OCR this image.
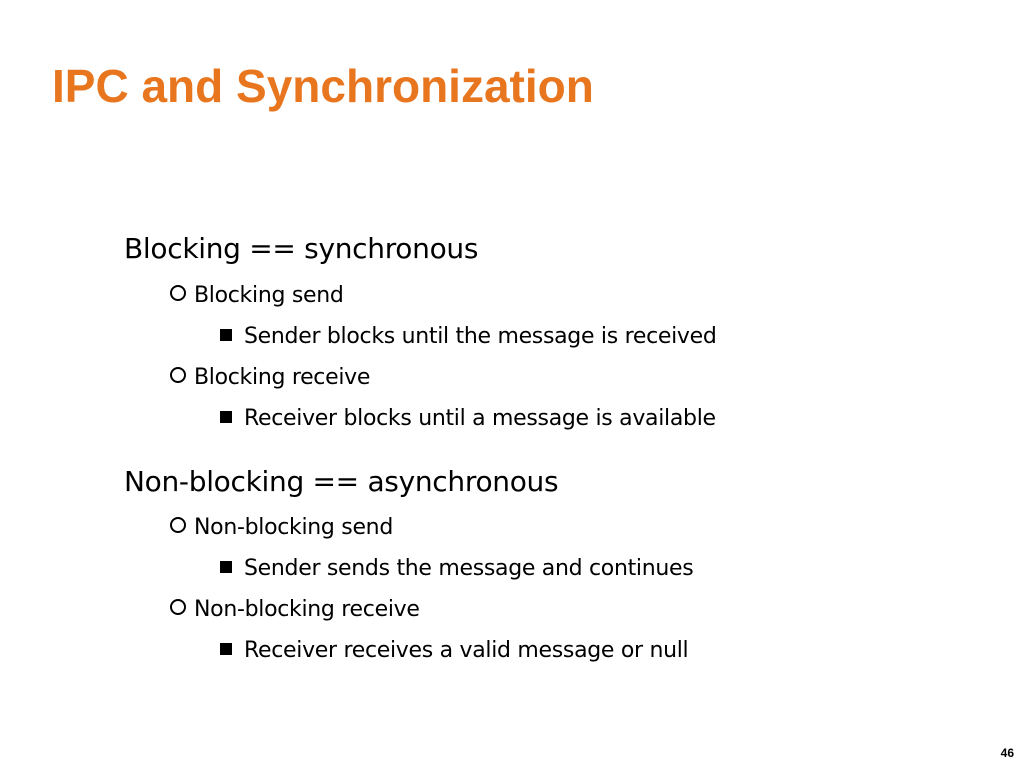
IPC and Synchronization
Blocking == synchronous
Blocking send
Sender blocks until the message is received
Blocking receive
Receiver blocks until a message is available
Non-blocking == asynchronous
Non-blocking send
Sender sends the message and continues
Non-blocking receive
Receiver receives a valid message or null
46
